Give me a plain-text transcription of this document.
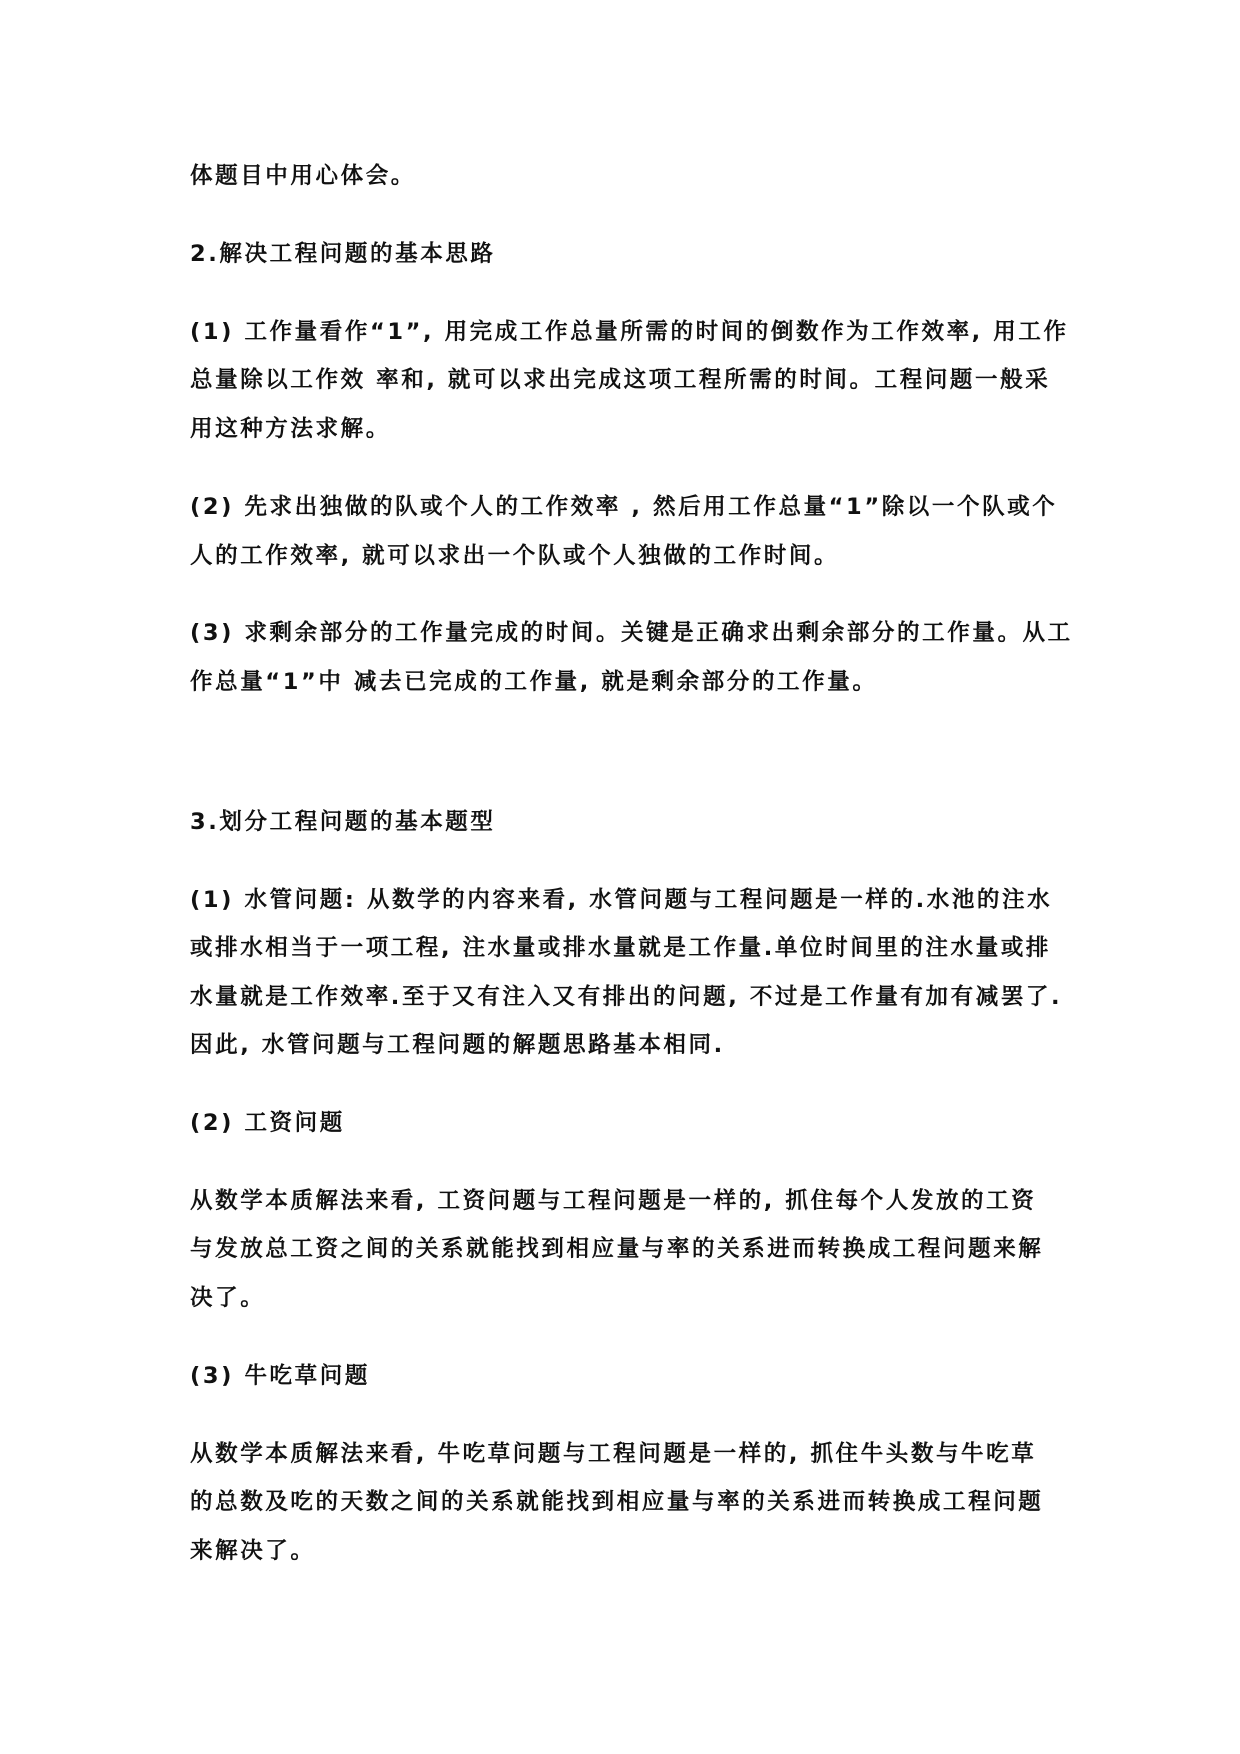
体题目中用心体会。

2.解决工程问题的基本思路

(1) 工作量看作“1”, 用完成工作总量所需的时间的倒数作为工作效率, 用工作

总量除以工作效 率和, 就可以求出完成这项工程所需的时间。工程问题一般采

用这种方法求解。

(2) 先求出独做的队或个人的工作效率 , 然后用工作总量“1”除以一个队或个

人的工作效率, 就可以求出一个队或个人独做的工作时间。

(3) 求剩余部分的工作量完成的时间。关键是正确求出剩余部分的工作量。从工

作总量“1”中 减去已完成的工作量, 就是剩余部分的工作量。

3.划分工程问题的基本题型

(1) 水管问题: 从数学的内容来看, 水管问题与工程问题是一样的.水池的注水

或排水相当于一项工程, 注水量或排水量就是工作量.单位时间里的注水量或排

水量就是工作效率.至于又有注入又有排出的问题, 不过是工作量有加有减罢了.

因此, 水管问题与工程问题的解题思路基本相同.

(2) 工资问题

从数学本质解法来看, 工资问题与工程问题是一样的, 抓住每个人发放的工资

与发放总工资之间的关系就能找到相应量与率的关系进而转换成工程问题来解

决了。

(3) 牛吃草问题

从数学本质解法来看, 牛吃草问题与工程问题是一样的, 抓住牛头数与牛吃草

的总数及吃的天数之间的关系就能找到相应量与率的关系进而转换成工程问题

来解决了。
